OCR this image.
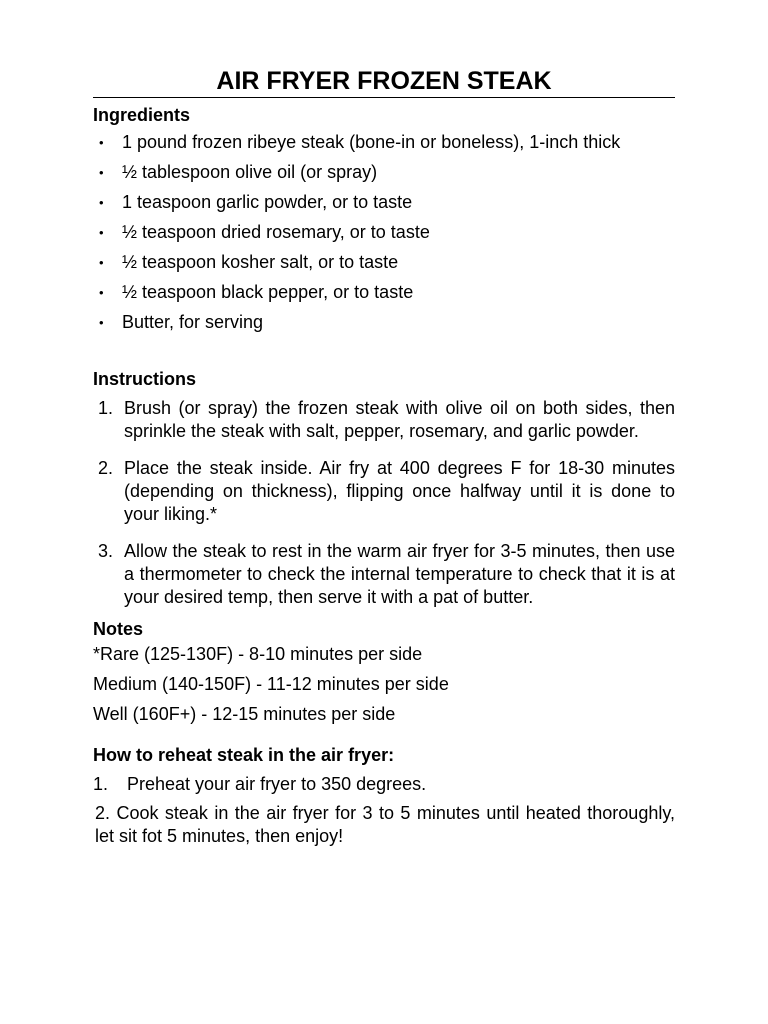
AIR FRYER FROZEN STEAK
Ingredients
• 1 pound frozen ribeye steak (bone-in or boneless), 1-inch thick
• ½ tablespoon olive oil (or spray)
• 1 teaspoon garlic powder, or to taste
• ½ teaspoon dried rosemary, or to taste
• ½ teaspoon kosher salt, or to taste
• ½ teaspoon black pepper, or to taste
• Butter, for serving
Instructions
1. Brush (or spray) the frozen steak with olive oil on both sides, then sprinkle the steak with salt, pepper, rosemary, and garlic powder.
2. Place the steak inside. Air fry at 400 degrees F for 18-30 minutes (depending on thickness), flipping once halfway until it is done to your liking.*
3. Allow the steak to rest in the warm air fryer for 3-5 minutes, then use a thermometer to check the internal temperature to check that it is at your desired temp, then serve it with a pat of butter.
Notes

*Rare (125-130F) - 8-10 minutes per side

Medium (140-150F) - 11-12 minutes per side

Well (160F+) - 12-15 minutes per side

How to reheat steak in the air fryer:

1. Preheat your air fryer to 350 degrees.

2. Cook steak in the air fryer for 3 to 5 minutes until heated thoroughly, let sit fot 5 minutes, then enjoy!
